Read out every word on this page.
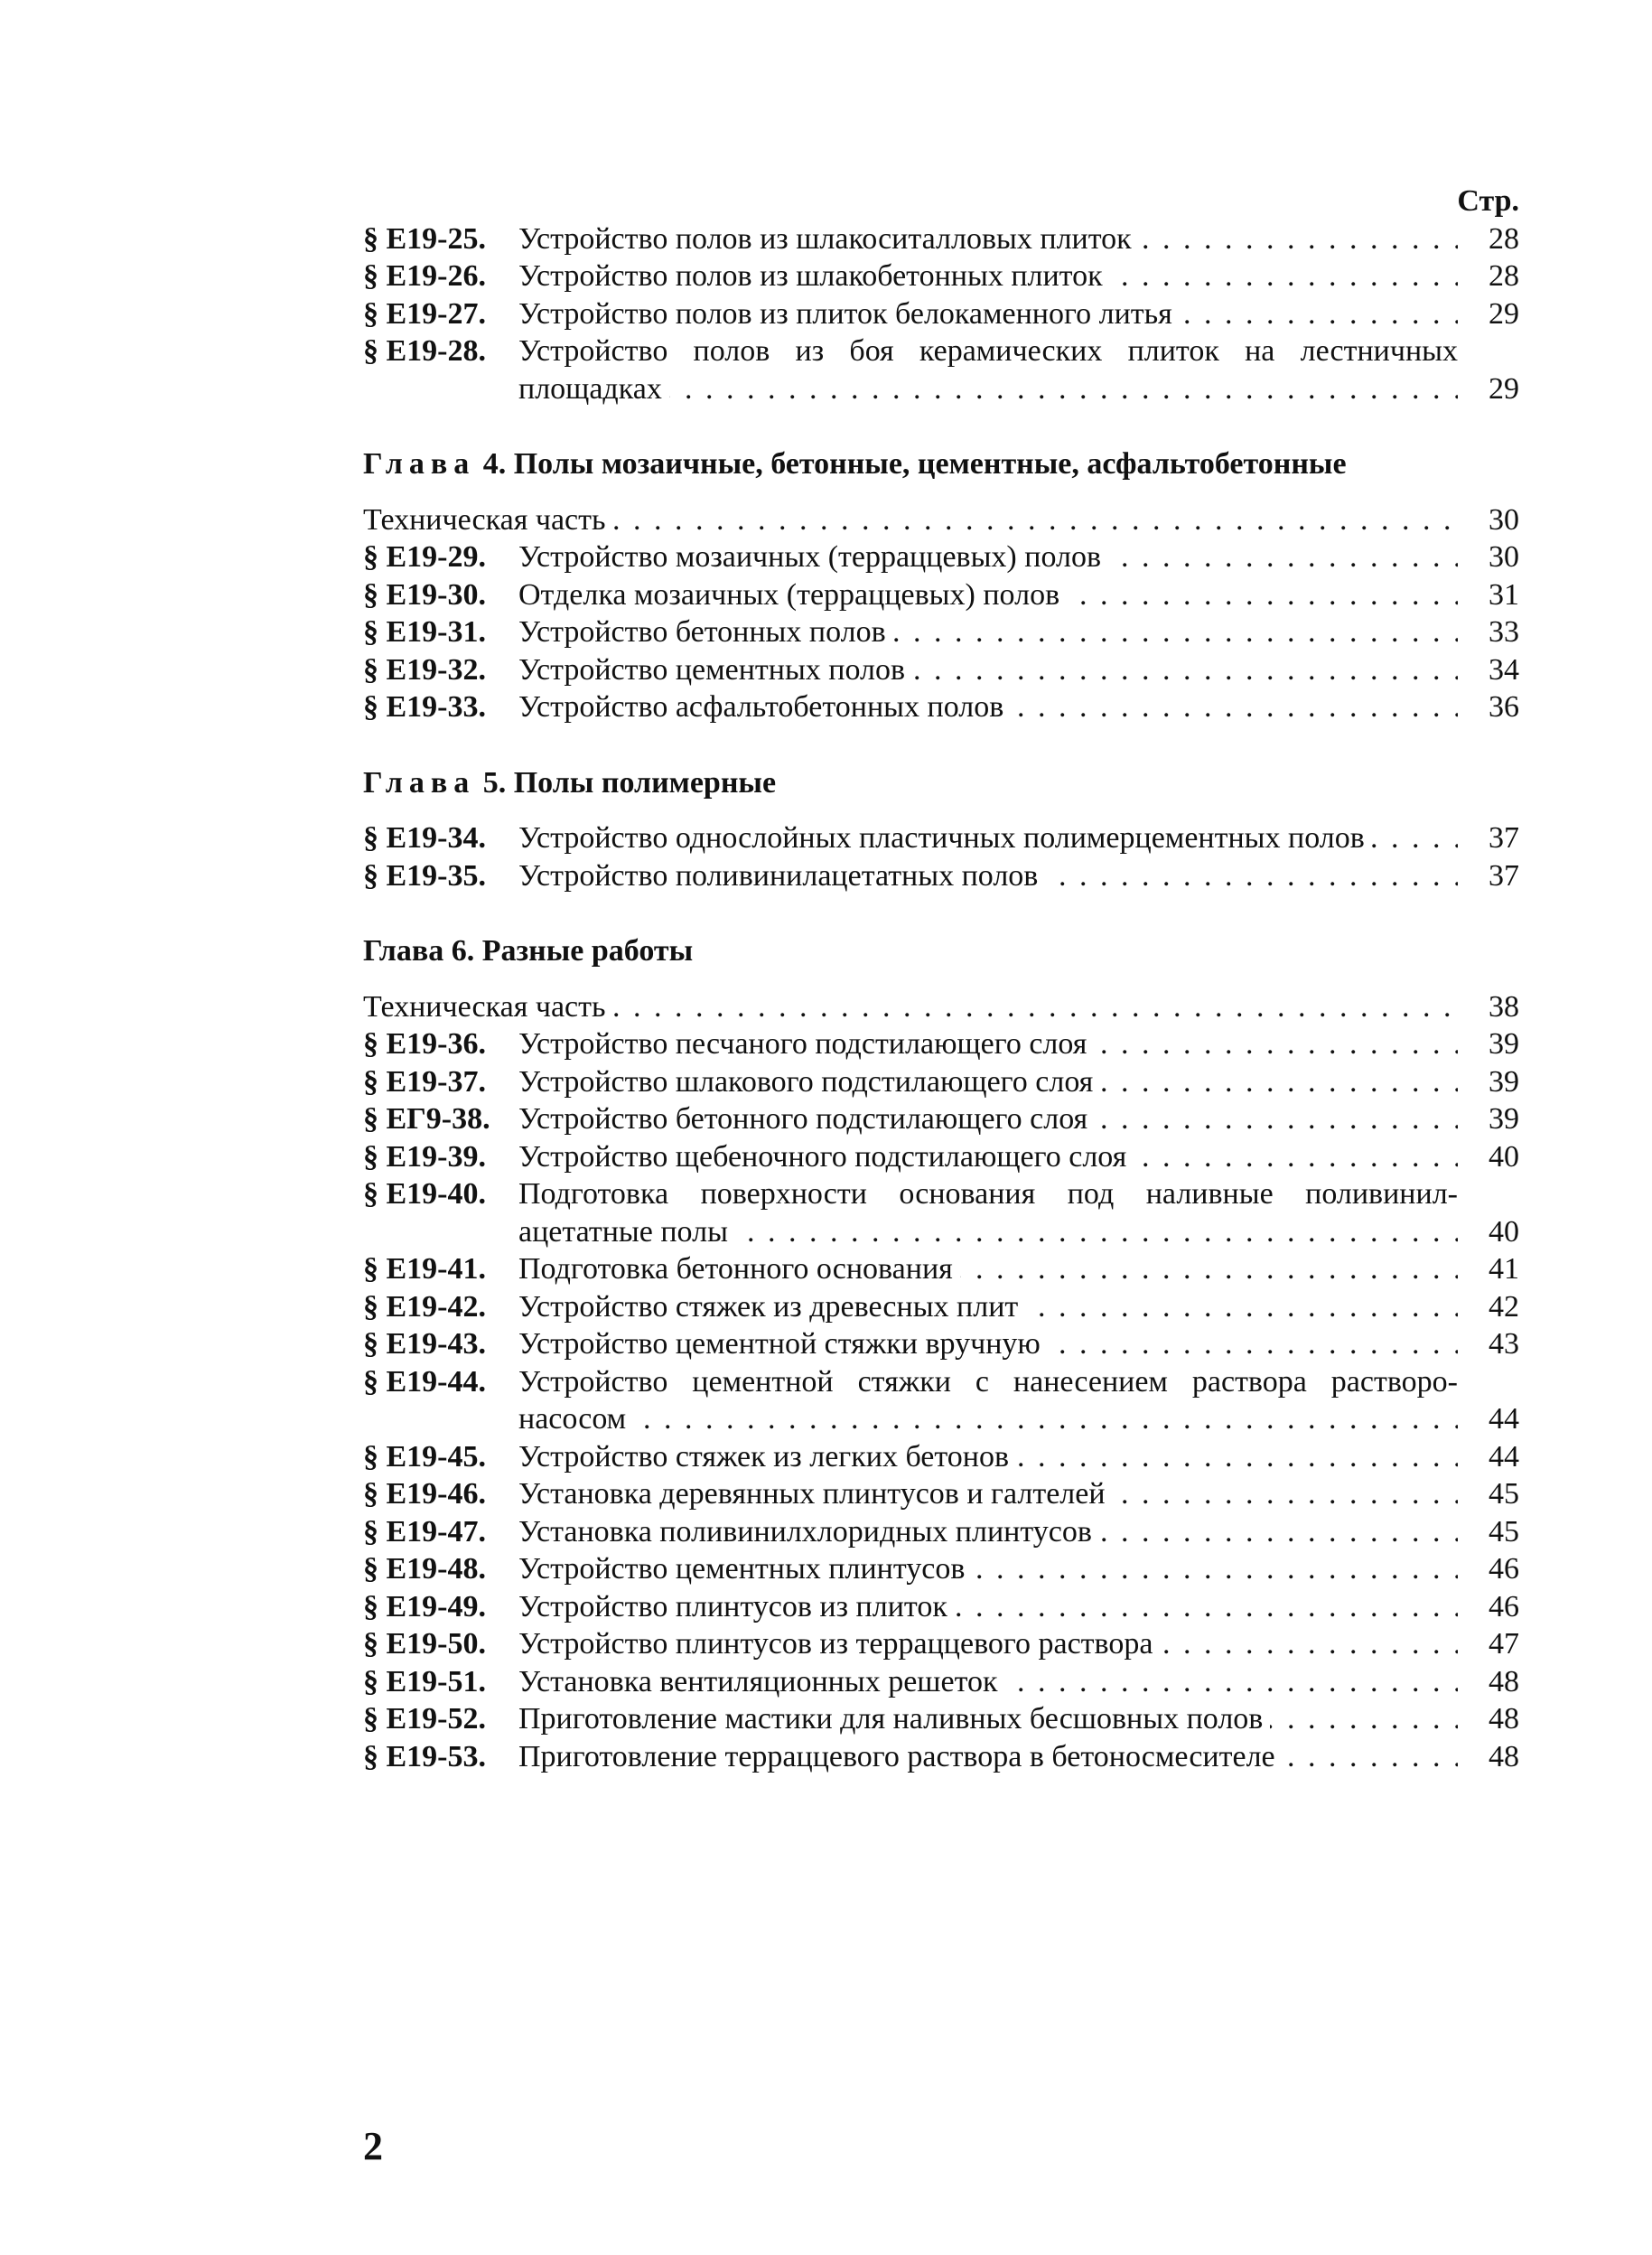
Стр.
§ Е19-25.	Устройство полов из шлакоситалловых плиток . . .	28
§ Е19-26.	Устройство полов из шлакобетонных плиток . . .	28
§ Е19-27.	Устройство полов из плиток белокаменного литья . . .	29
§ Е19-28.	Устройство полов из боя керамических плиток на лестничных
площадках . . .	29
Глава 4. Полы мозаичные, бетонные, цементные, асфальтобетонные
Техническая часть . . .	30
§ Е19-29.	Устройство мозаичных (терраццевых) полов . . .	30
§ Е19-30.	Отделка мозаичных (терраццевых) полов . . .	31
§ Е19-31.	Устройство бетонных полов . . .	33
§ Е19-32.	Устройство цементных полов . . .	34
§ Е19-33.	Устройство асфальтобетонных полов . . .	36
Глава 5. Полы полимерные
§ Е19-34.	Устройство однослойных пластичных полимерцементных полов . . .	37
§ Е19-35.	Устройство поливинилацетатных полов . . .	37
Глава 6. Разные работы
Техническая часть . . .	38
§ Е19-36.	Устройство песчаного подстилающего слоя . . .	39
§ Е19-37.	Устройство шлакового подстилающего слоя . . .	39
§ ЕГ9-38. Устройство бетонного подстилающего слоя . . .	39
§ Е19-39.	Устройство щебеночного подстилающего слоя . . .	40
§ Е19-40.	Подготовка поверхности основания под наливные поливинил-
ацетатные полы . . .	40
§ Е19-41.	Подготовка бетонного основания . . .	41
§ Е19-42.	Устройство стяжек из древесных плит . . .	42
§ Е19-43.	Устройство цементной стяжки вручную . . .	43
§ Е19-44.	Устройство цементной стяжки с нанесением раствора растворо-
насосом . . .	44
§ Е19-45.	Устройство стяжек из легких бетонов . . .	44
§ Е19-46.	Установка деревянных плинтусов и галтелей . . .	45
§ Е19-47.	Установка поливинилхлоридных плинтусов . . .	45
§ Е19-48.	Устройство цементных плинтусов . . .	46
§ Е19-49.	Устройство плинтусов из плиток . . .	46
§ Е19-50.	Устройство плинтусов из терраццевого раствора . . .	47
§ Е19-51.	Установка вентиляционных решеток . . .	48
§ Е19-52.	Приготовление мастики для наливных бесшовных полов . . .	48
§ Е19-53.	Приготовление терраццевого раствора в бетоносмесителе . . .	48
2
